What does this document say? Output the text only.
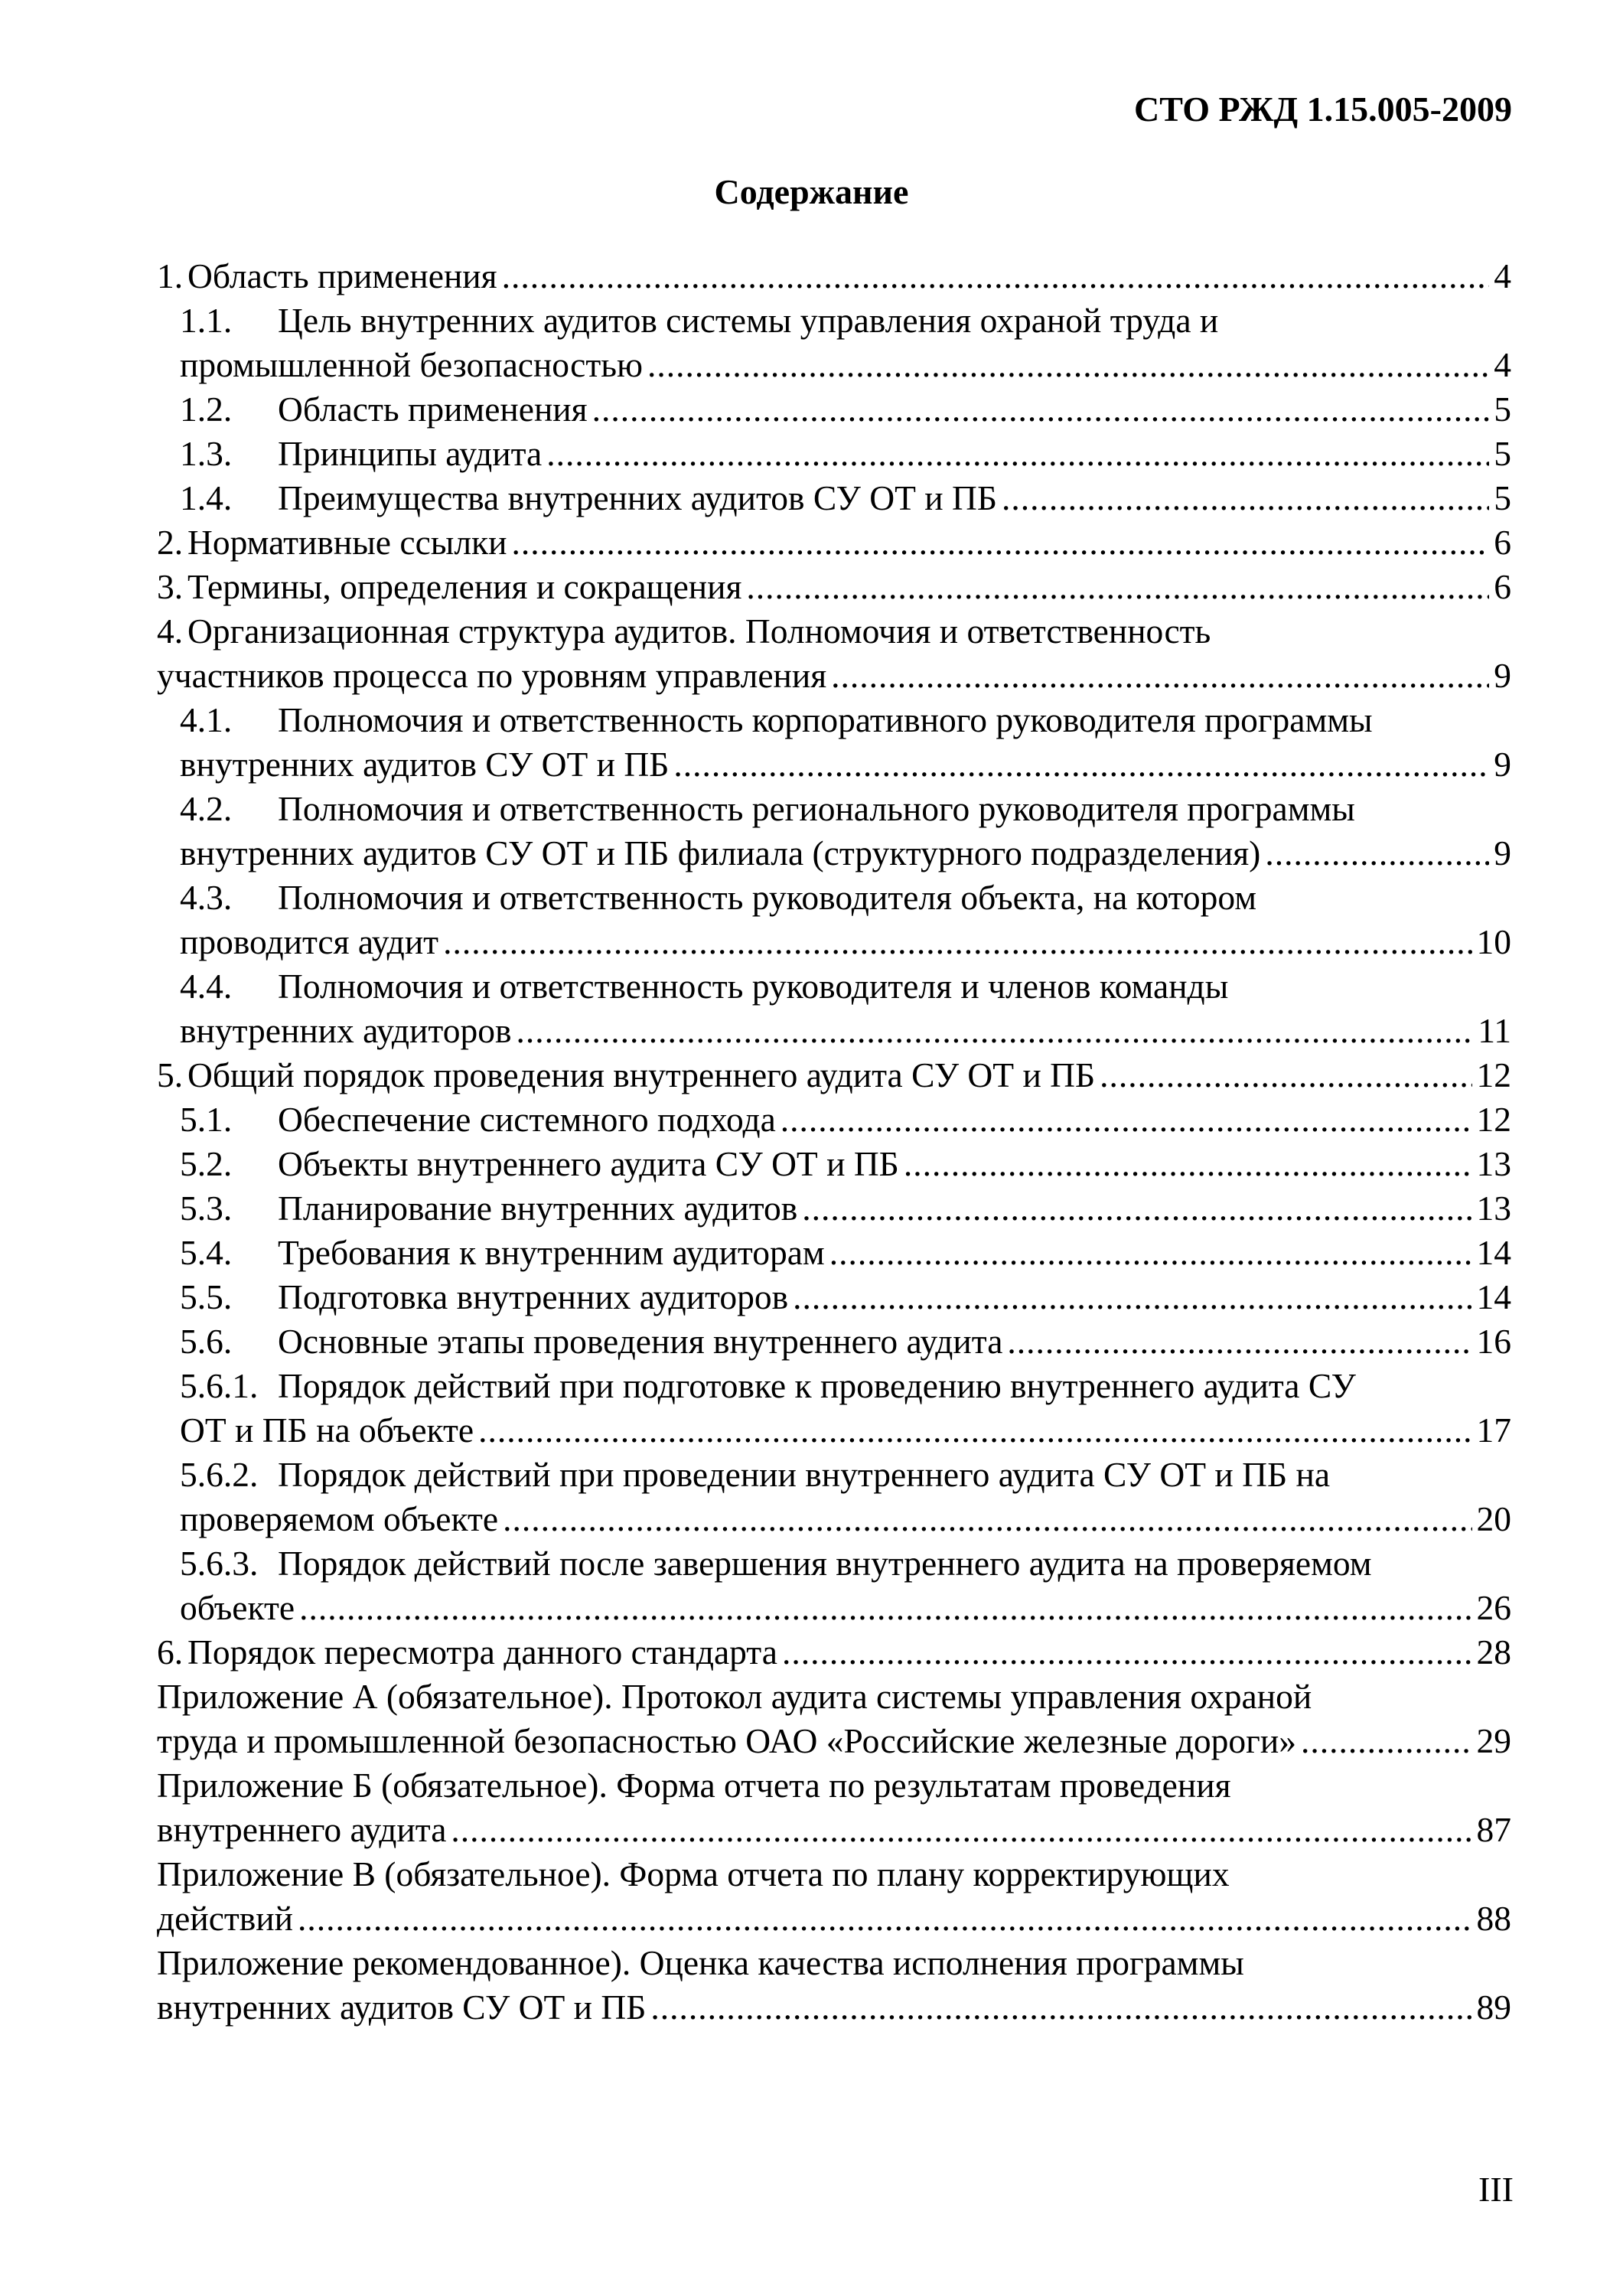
СТО РЖД 1.15.005-2009
Содержание
1. Область применения .....	4
1.1. Цель внутренних аудитов системы управления охраной труда и
промышленной безопасностью .....	4
1.2.	Область применения .....	5
1.3.	Принципы аудита .....	5
1.4.	Преимущества внутренних аудитов СУ ОТ и ПБ .....	5
2. Нормативные ссылки .....	6
3. Термины, определения и сокращения .....	6
4. Организационная структура аудитов. Полномочия и ответственность
участников процесса по уровням управления .....	9
4.1. Полномочия и ответственность корпоративного руководителя программы
внутренних аудитов СУ ОТ и ПБ .....	9
4.2. Полномочия и ответственность регионального руководителя программы
внутренних аудитов СУ ОТ и ПБ филиала (структурного подразделения) .....	9
4.3. Полномочия и ответственность руководителя объекта, на котором
проводится аудит .....	10
4.4. Полномочия и ответственность руководителя и членов команды
внутренних аудиторов .....	11
5. Общий порядок проведения внутреннего аудита СУ ОТ и ПБ .....	12
5.1.	Обеспечение системного подхода .....	12
5.2.	Объекты внутреннего аудита СУ ОТ и ПБ .....	13
5.3.	Планирование внутренних аудитов .....	13
5.4.	Требования к внутренним аудиторам .....	14
5.5.	Подготовка внутренних аудиторов .....	14
5.6.	Основные этапы проведения внутреннего аудита .....	16
5.6.1. Порядок действий при подготовке к проведению внутреннего аудита СУ
ОТ и ПБ на объекте .....	17
5.6.2. Порядок действий при проведении внутреннего аудита СУ ОТ и ПБ на
проверяемом объекте .....	20
5.6.3. Порядок действий после завершения внутреннего аудита на проверяемом
объекте .....	26
6. Порядок пересмотра данного стандарта .....	28
Приложение А (обязательное). Протокол аудита системы управления охраной
труда и промышленной безопасностью ОАО «Российские железные дороги» .....	29
Приложение Б (обязательное). Форма отчета по результатам проведения
внутреннего аудита .....	87
Приложение В (обязательное). Форма отчета по плану корректирующих
действий .....	88
Приложение рекомендованное). Оценка качества исполнения программы
внутренних аудитов СУ ОТ и ПБ .....	89
III
